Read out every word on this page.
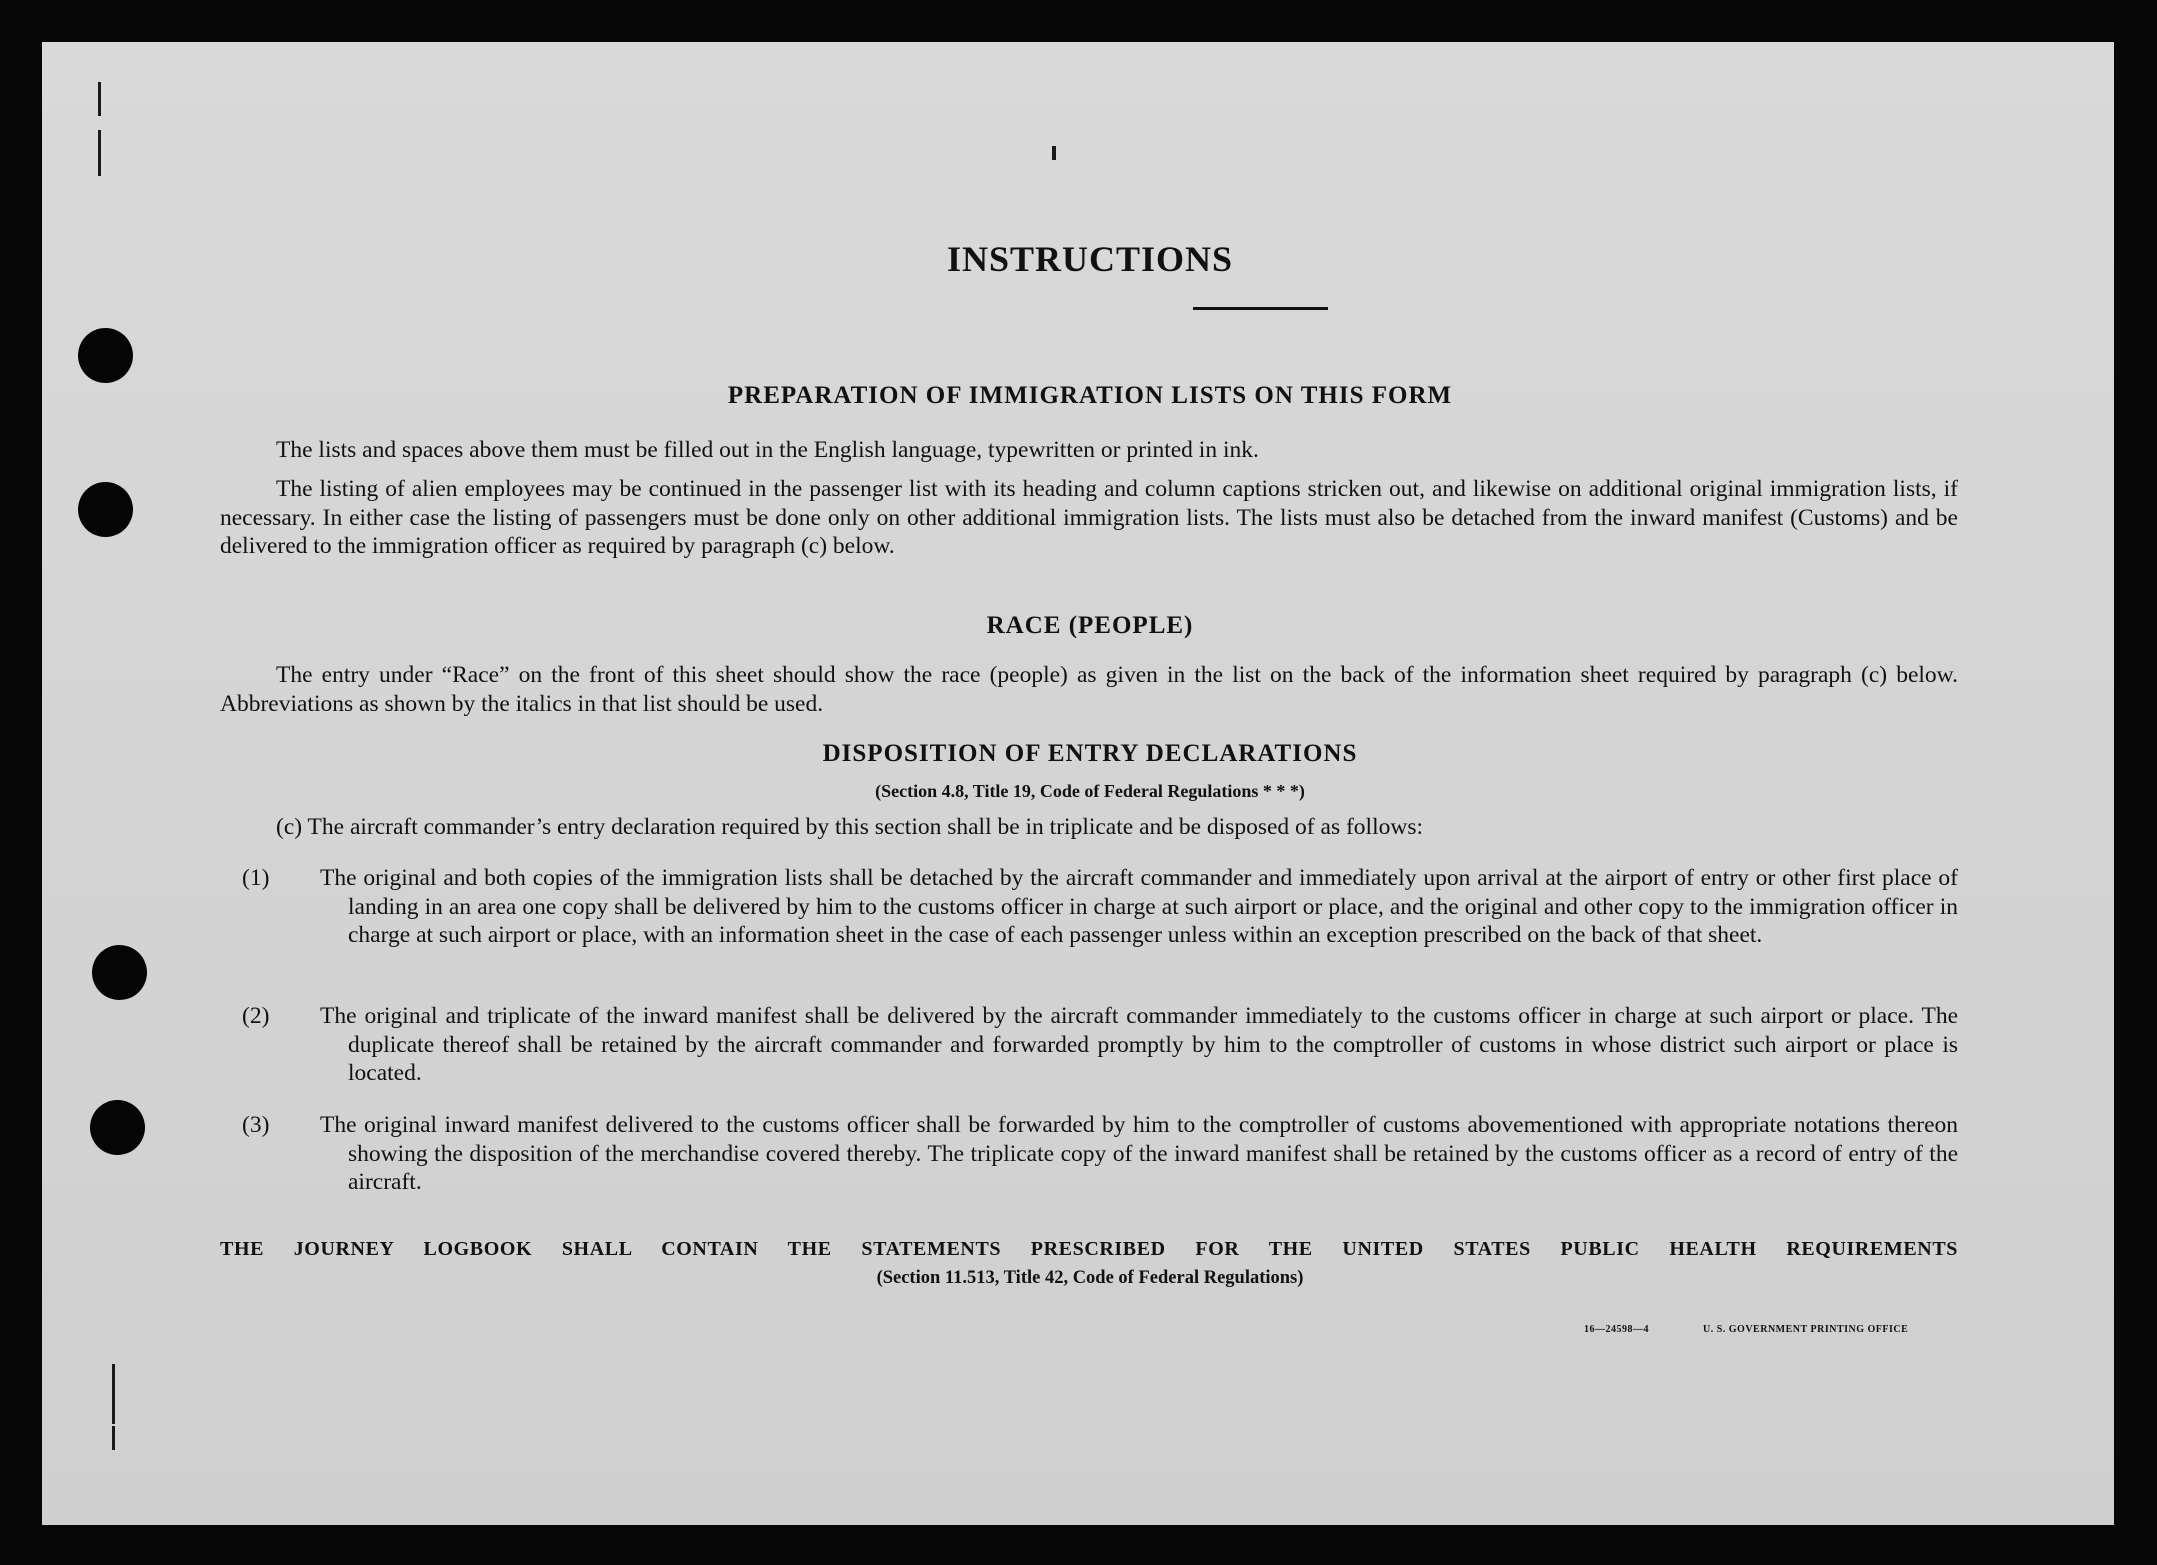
INSTRUCTIONS
PREPARATION OF IMMIGRATION LISTS ON THIS FORM
The lists and spaces above them must be filled out in the English language, typewritten or printed in ink.
The listing of alien employees may be continued in the passenger list with its heading and column captions stricken out, and likewise on additional original immigration lists, if necessary. In either case the listing of passengers must be done only on other additional immigration lists. The lists must also be detached from the inward manifest (Customs) and be delivered to the immigration officer as required by paragraph (c) below.
RACE (PEOPLE)
The entry under “Race” on the front of this sheet should show the race (people) as given in the list on the back of the information sheet required by paragraph (c) below. Abbreviations as shown by the italics in that list should be used.
DISPOSITION OF ENTRY DECLARATIONS
(Section 4.8, Title 19, Code of Federal Regulations * * *)
(c) The aircraft commander’s entry declaration required by this section shall be in triplicate and be disposed of as follows:
(1) The original and both copies of the immigration lists shall be detached by the aircraft commander and immediately upon arrival at the airport of entry or other first place of landing in an area one copy shall be delivered by him to the customs officer in charge at such airport or place, and the original and other copy to the immigration officer in charge at such airport or place, with an information sheet in the case of each passenger unless within an exception prescribed on the back of that sheet.
(2) The original and triplicate of the inward manifest shall be delivered by the aircraft commander immediately to the customs officer in charge at such airport or place. The duplicate thereof shall be retained by the aircraft commander and forwarded promptly by him to the comptroller of customs in whose district such airport or place is located.
(3) The original inward manifest delivered to the customs officer shall be forwarded by him to the comptroller of customs abovementioned with appropriate notations thereon showing the disposition of the merchandise covered thereby. The triplicate copy of the inward manifest shall be retained by the customs officer as a record of entry of the aircraft.
THE JOURNEY LOGBOOK SHALL CONTAIN THE STATEMENTS PRESCRIBED FOR THE UNITED STATES PUBLIC HEALTH REQUIREMENTS
(Section 11.513, Title 42, Code of Federal Regulations)
16—24598—4	U. S. GOVERNMENT PRINTING OFFICE
